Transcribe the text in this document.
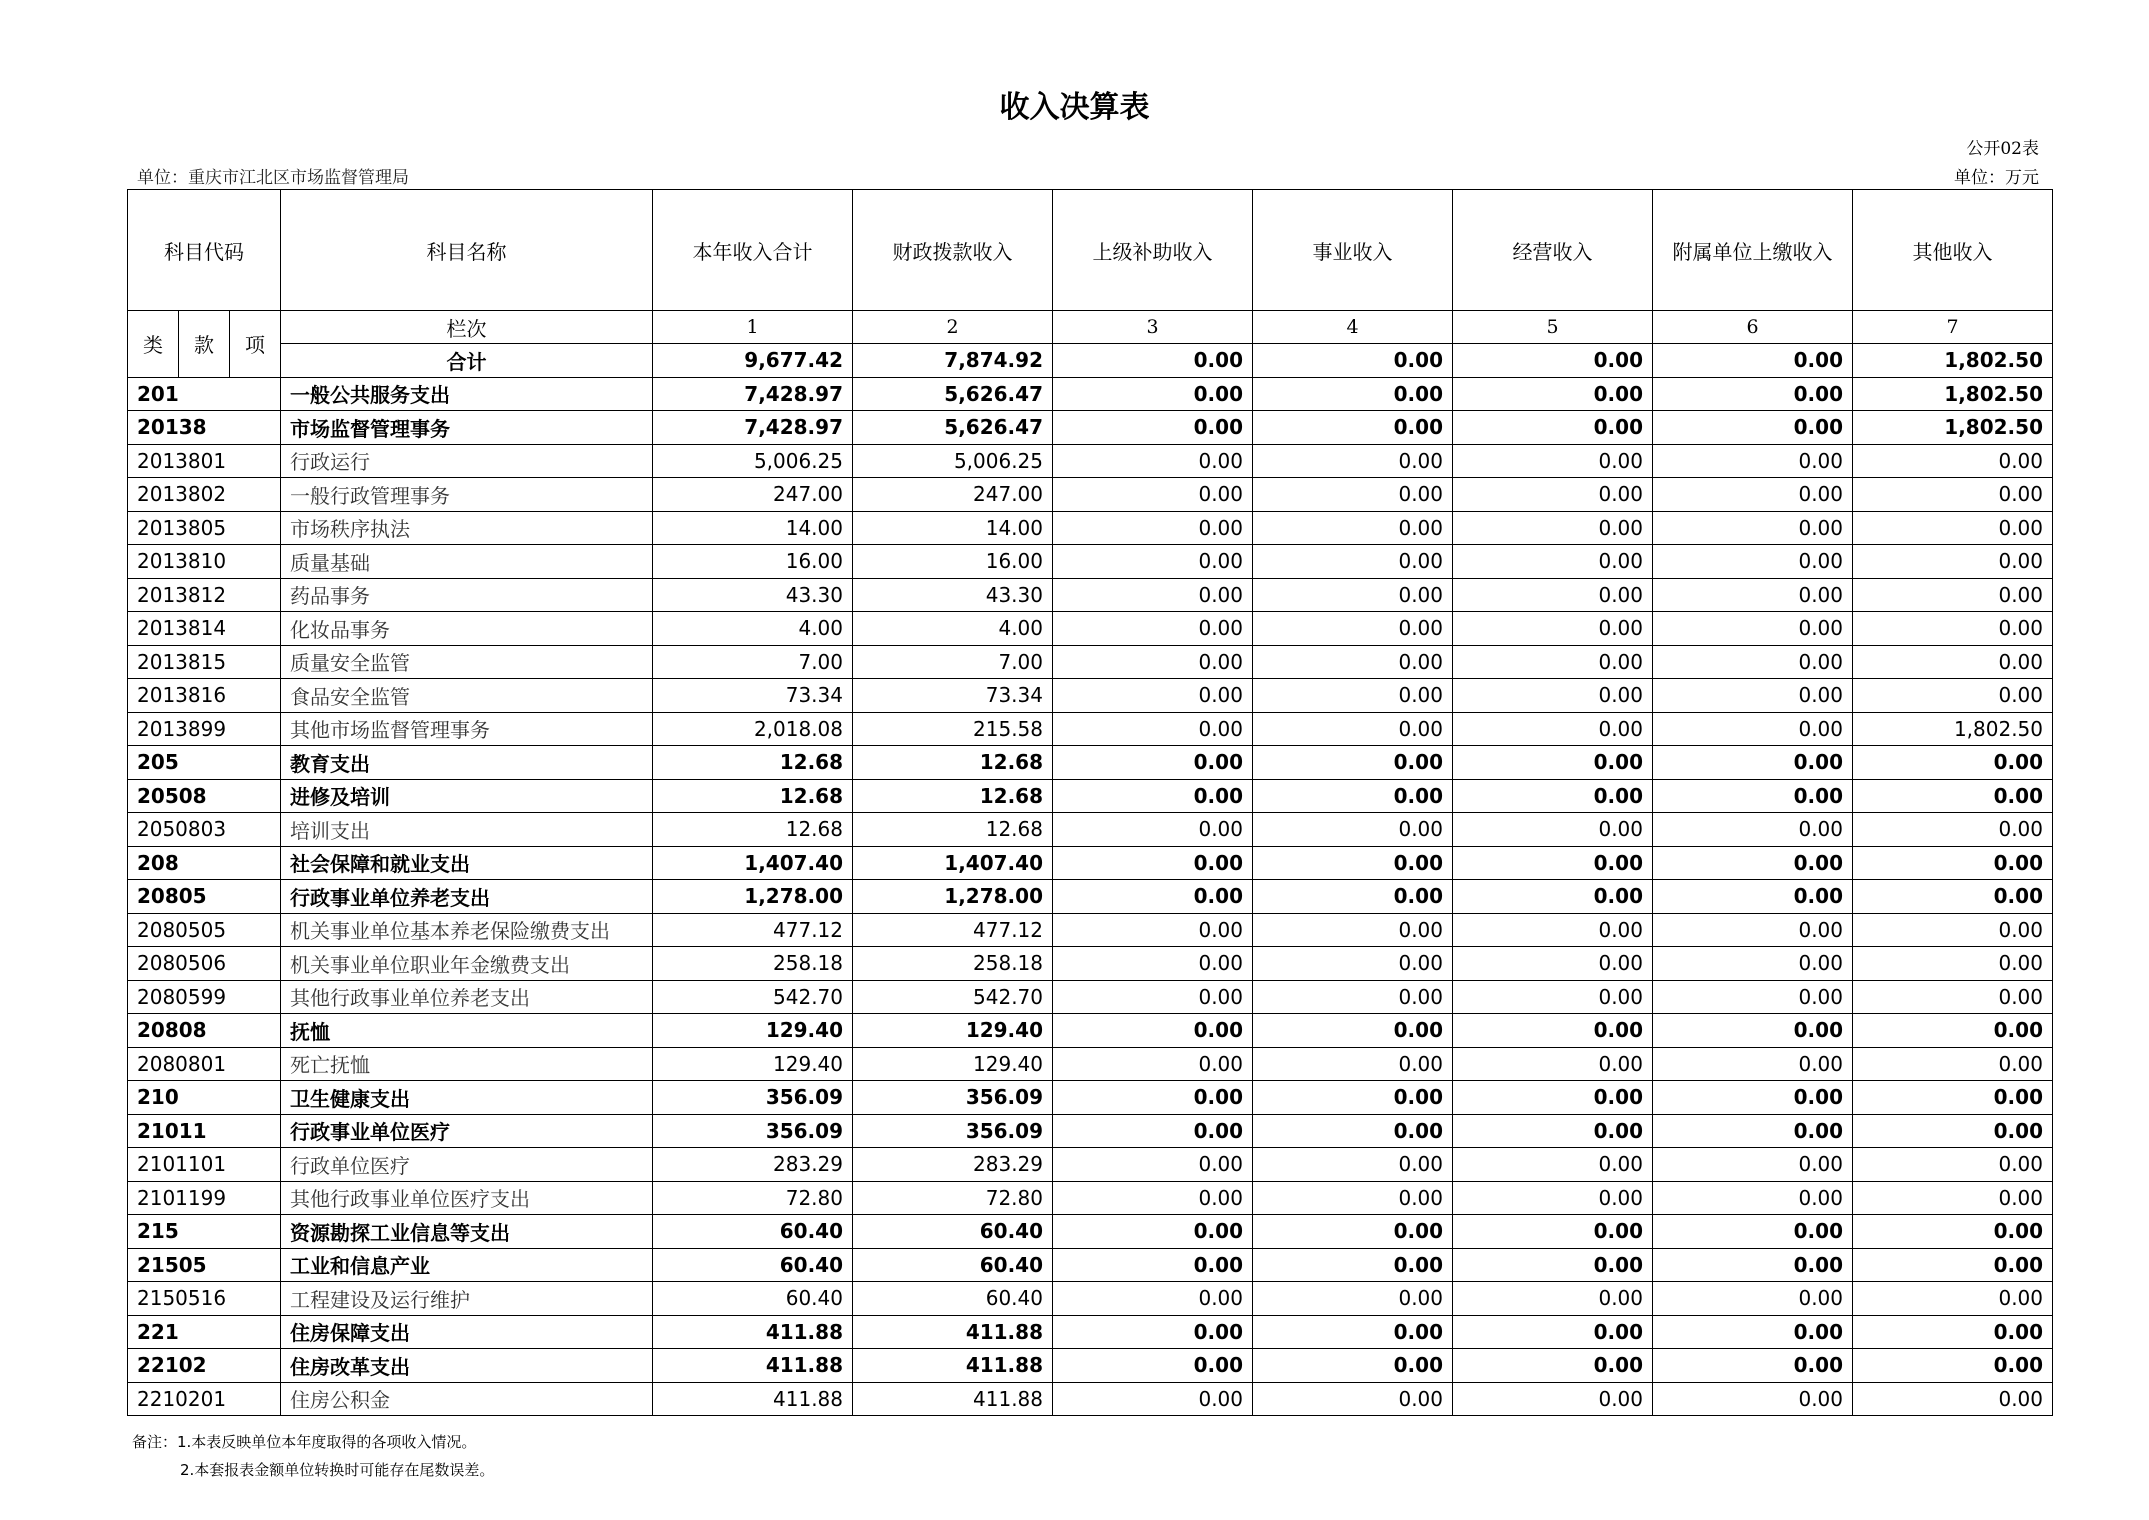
收入决算表
公开02表
单位：重庆市江北区市场监督管理局	单位：万元
科目代码			科目名称	本年收入合计	财政拨款收入	上级补助收入	事业收入	经营收入	附属单位上缴收入	其他收入
类	款	项	栏次	1	2	3	4	5	6	7
			合计	9,677.42	7,874.92	0.00	0.00	0.00	0.00	1,802.50
201			一般公共服务支出	7,428.97	5,626.47	0.00	0.00	0.00	0.00	1,802.50
20138			市场监督管理事务	7,428.97	5,626.47	0.00	0.00	0.00	0.00	1,802.50
2013801			行政运行	5,006.25	5,006.25	0.00	0.00	0.00	0.00	0.00
2013802			一般行政管理事务	247.00	247.00	0.00	0.00	0.00	0.00	0.00
2013805			市场秩序执法	14.00	14.00	0.00	0.00	0.00	0.00	0.00
2013810			质量基础	16.00	16.00	0.00	0.00	0.00	0.00	0.00
2013812			药品事务	43.30	43.30	0.00	0.00	0.00	0.00	0.00
2013814			化妆品事务	4.00	4.00	0.00	0.00	0.00	0.00	0.00
2013815			质量安全监管	7.00	7.00	0.00	0.00	0.00	0.00	0.00
2013816			食品安全监管	73.34	73.34	0.00	0.00	0.00	0.00	0.00
2013899			其他市场监督管理事务	2,018.08	215.58	0.00	0.00	0.00	0.00	1,802.50
205			教育支出	12.68	12.68	0.00	0.00	0.00	0.00	0.00
20508			进修及培训	12.68	12.68	0.00	0.00	0.00	0.00	0.00
2050803			培训支出	12.68	12.68	0.00	0.00	0.00	0.00	0.00
208			社会保障和就业支出	1,407.40	1,407.40	0.00	0.00	0.00	0.00	0.00
20805			行政事业单位养老支出	1,278.00	1,278.00	0.00	0.00	0.00	0.00	0.00
2080505			机关事业单位基本养老保险缴费支出	477.12	477.12	0.00	0.00	0.00	0.00	0.00
2080506			机关事业单位职业年金缴费支出	258.18	258.18	0.00	0.00	0.00	0.00	0.00
2080599			其他行政事业单位养老支出	542.70	542.70	0.00	0.00	0.00	0.00	0.00
20808			抚恤	129.40	129.40	0.00	0.00	0.00	0.00	0.00
2080801			死亡抚恤	129.40	129.40	0.00	0.00	0.00	0.00	0.00
210			卫生健康支出	356.09	356.09	0.00	0.00	0.00	0.00	0.00
21011			行政事业单位医疗	356.09	356.09	0.00	0.00	0.00	0.00	0.00
2101101			行政单位医疗	283.29	283.29	0.00	0.00	0.00	0.00	0.00
2101199			其他行政事业单位医疗支出	72.80	72.80	0.00	0.00	0.00	0.00	0.00
215			资源勘探工业信息等支出	60.40	60.40	0.00	0.00	0.00	0.00	0.00
21505			工业和信息产业	60.40	60.40	0.00	0.00	0.00	0.00	0.00
2150516			工程建设及运行维护	60.40	60.40	0.00	0.00	0.00	0.00	0.00
221			住房保障支出	411.88	411.88	0.00	0.00	0.00	0.00	0.00
22102			住房改革支出	411.88	411.88	0.00	0.00	0.00	0.00	0.00
2210201			住房公积金	411.88	411.88	0.00	0.00	0.00	0.00	0.00
备注：1.本表反映单位本年度取得的各项收入情况。
2.本套报表金额单位转换时可能存在尾数误差。
